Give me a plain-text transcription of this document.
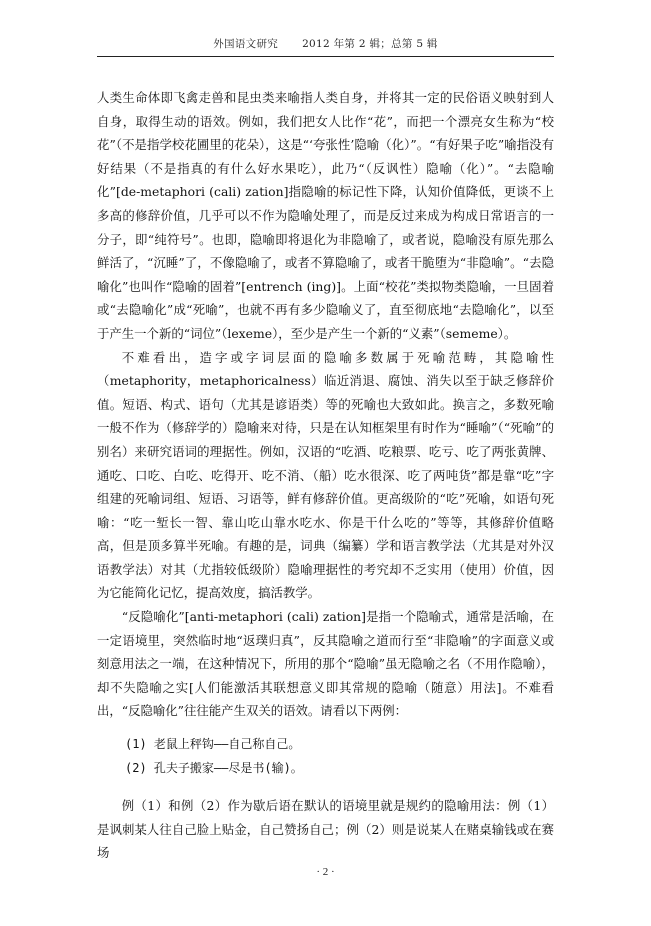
外国语文研究 2012 年第 2 辑；总第 5 辑

人类生命体即飞禽走兽和昆虫类来喻指人类自身，并将其一定的民俗语义映射到人自身，取得生动的语效。例如，我们把女人比作“花”，而把一个漂亮女生称为“校花”（不是指学校花圃里的花朵），这是“‘夸张性’隐喻（化）”。“有好果子吃”喻指没有好结果（不是指真的有什么好水果吃），此乃“（反讽性）隐喻（化）”。“去隐喻化”[de-metaphori (cali) zation]指隐喻的标记性下降，认知价值降低，更谈不上多高的修辞价值，几乎可以不作为隐喻处理了，而是反过来成为构成日常语言的一分子，即“纯符号”。也即，隐喻即将退化为非隐喻了，或者说，隐喻没有原先那么鲜活了，“沉睡”了，不像隐喻了，或者不算隐喻了，或者干脆堕为“非隐喻”。“去隐喻化”也叫作“隐喻的固着”[entrench (ing)]。上面“校花”类拟物类隐喻，一旦固着或“去隐喻化”成“死喻”，也就不再有多少隐喻义了，直至彻底地“去隐喻化”，以至于产生一个新的“词位”（lexeme），至少是产生一个新的“义素”（sememe）。

不难看出，造字或字词层面的隐喻多数属于死喻范畴，其隐喻性（metaphority，metaphoricalness）临近消退、腐蚀、消失以至于缺乏修辞价值。短语、构式、语句（尤其是谚语类）等的死喻也大致如此。换言之，多数死喻一般不作为（修辞学的）隐喻来对待，只是在认知框架里有时作为“睡喻”（“死喻”的别名）来研究语词的理据性。例如，汉语的“吃酒、吃粮票、吃亏、吃了两张黄牌、通吃、口吃、白吃、吃得开、吃不消、（船）吃水很深、吃了两吨货”都是靠“吃”字组建的死喻词组、短语、习语等，鲜有修辞价值。更高级阶的“吃”死喻，如语句死喻：“吃一堑长一智、靠山吃山靠水吃水、你是干什么吃的”等等，其修辞价值略高，但是顶多算半死喻。有趣的是，词典（编纂）学和语言教学法（尤其是对外汉语教学法）对其（尤指较低级阶）隐喻理据性的考究却不乏实用（使用）价值，因为它能简化记忆，提高效度，搞活教学。

“反隐喻化”[anti-metaphori (cali) zation]是指一个隐喻式，通常是活喻，在一定语境里，突然临时地“返璞归真”，反其隐喻之道而行至“非隐喻”的字面意义或刻意用法之一端，在这种情况下，所用的那个“隐喻”虽无隐喻之名（不用作隐喻），却不失隐喻之实[人们能激活其联想意义即其常规的隐喻（随意）用法]。不难看出，“反隐喻化”往往能产生双关的语效。请看以下两例：

(1) 老鼠上秤钩——自己称自己。
(2) 孔夫子搬家——尽是书(输)。

例（1）和例（2）作为歇后语在默认的语境里就是规约的隐喻用法：例（1）是讽刺某人往自己脸上贴金，自己赞扬自己；例（2）则是说某人在赌桌输钱或在赛场

· 2 ·
